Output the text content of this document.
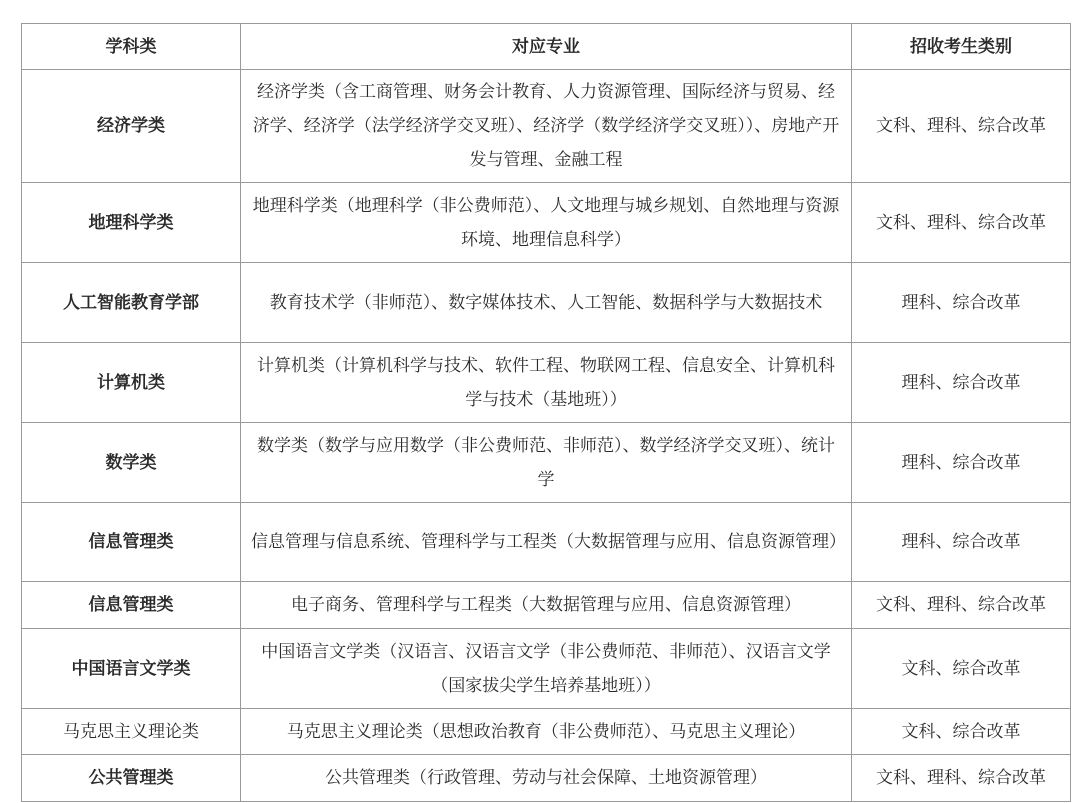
学科类	对应专业	招收考生类别
经济学类	经济学类（含工商管理、财务会计教育、人力资源管理、国际经济与贸易、经济学、经济学（法学经济学交叉班）、经济学（数学经济学交叉班））、房地产开发与管理、金融工程	文科、理科、综合改革
地理科学类	地理科学类（地理科学（非公费师范）、人文地理与城乡规划、自然地理与资源环境、地理信息科学）	文科、理科、综合改革
人工智能教育学部	教育技术学（非师范）、数字媒体技术、人工智能、数据科学与大数据技术	理科、综合改革
计算机类	计算机类（计算机科学与技术、软件工程、物联网工程、信息安全、计算机科学与技术（基地班））	理科、综合改革
数学类	数学类（数学与应用数学（非公费师范、非师范）、数学经济学交叉班）、统计学	理科、综合改革
信息管理类	信息管理与信息系统、管理科学与工程类（大数据管理与应用、信息资源管理）	理科、综合改革
信息管理类	电子商务、管理科学与工程类（大数据管理与应用、信息资源管理）	文科、理科、综合改革
中国语言文学类	中国语言文学类（汉语言、汉语言文学（非公费师范、非师范）、汉语言文学（国家拔尖学生培养基地班））	文科、综合改革
马克思主义理论类	马克思主义理论类（思想政治教育（非公费师范）、马克思主义理论）	文科、综合改革
公共管理类	公共管理类（行政管理、劳动与社会保障、土地资源管理）	文科、理科、综合改革
